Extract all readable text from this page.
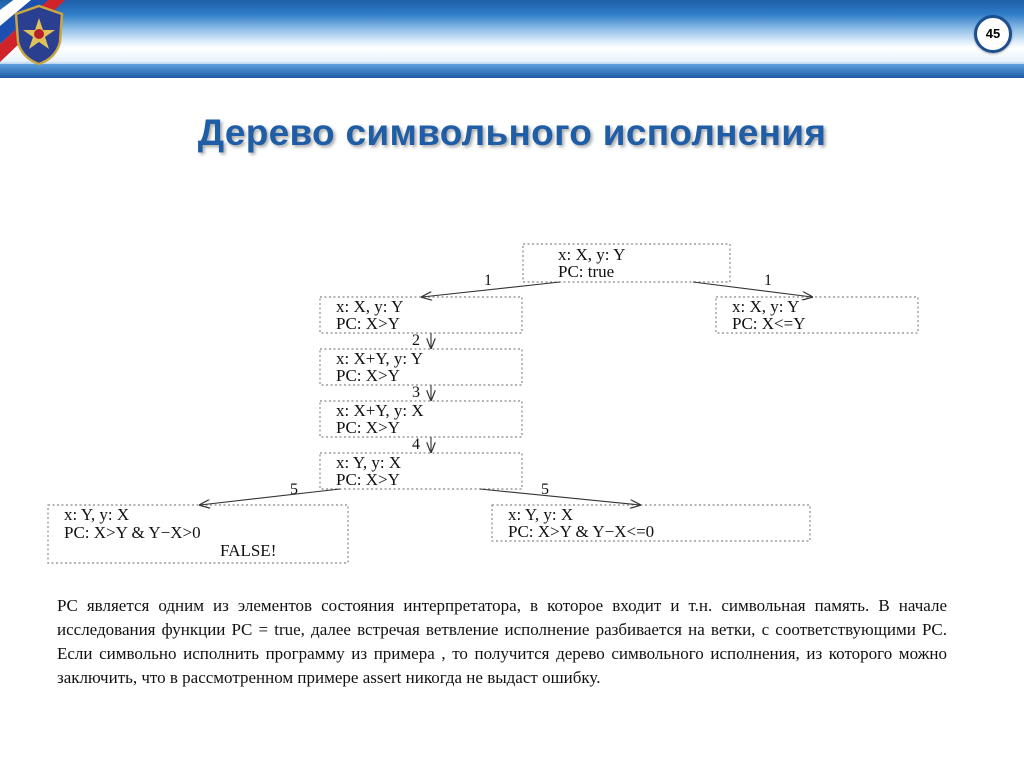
45
Дерево символьного исполнения
1	1
2
3
4
5	5
x: X, y: Y
PC: true
x: X, y: Y
PC: X>Y
x: X, y: Y
PC: X<=Y
x: X+Y, y: Y
PC: X>Y
x: X+Y, y: X
PC: X>Y
x: Y, y: X
PC: X>Y
x: Y, y: X
PC: X>Y & Y−X>0
FALSE!
x: Y, y: X
PC: X>Y & Y−X<=0
PC является одним из элементов состояния интерпретатора, в которое входит и т.н. символьная память. В начале исследования функции PC = true, далее встречая ветвление исполнение разбивается на ветки, с соответствующими PC. Если символьно исполнить программу из примера , то получится дерево символьного исполнения, из которого можно заключить, что в рассмотренном примере assert никогда не выдаст ошибку.
